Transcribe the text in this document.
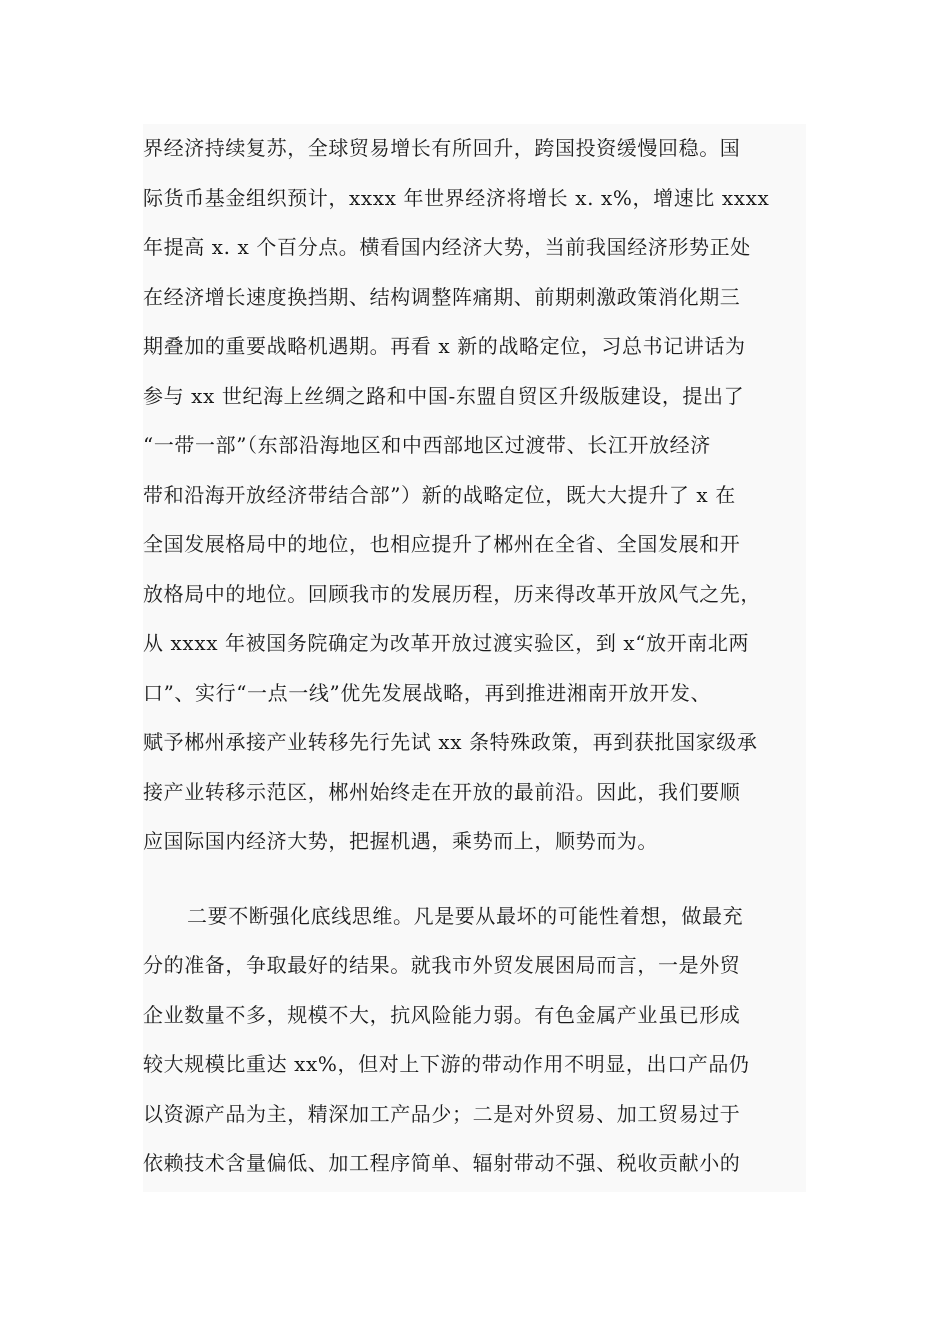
界经济持续复苏，全球贸易增长有所回升，跨国投资缓慢回稳。国
际货币基金组织预计，xxxx 年世界经济将增长 x. x%，增速比 xxxx
年提高 x. x 个百分点。横看国内经济大势，当前我国经济形势正处
在经济增长速度换挡期、结构调整阵痛期、前期刺激政策消化期三
期叠加的重要战略机遇期。再看 x 新的战略定位，习总书记讲话为
参与 xx 世纪海上丝绸之路和中国-东盟自贸区升级版建设，提出了
“一带一部”（东部沿海地区和中西部地区过渡带、长江开放经济
带和沿海开放经济带结合部”）新的战略定位，既大大提升了 x 在
全国发展格局中的地位，也相应提升了郴州在全省、全国发展和开
放格局中的地位。回顾我市的发展历程，历来得改革开放风气之先，
从 xxxx 年被国务院确定为改革开放过渡实验区，到 x“放开南北两
口”、实行“一点一线”优先发展战略，再到推进湘南开放开发、
赋予郴州承接产业转移先行先试 xx 条特殊政策，再到获批国家级承
接产业转移示范区，郴州始终走在开放的最前沿。因此，我们要顺
应国际国内经济大势，把握机遇，乘势而上，顺势而为。
二要不断强化底线思维。凡是要从最坏的可能性着想，做最充
分的准备，争取最好的结果。就我市外贸发展困局而言，一是外贸
企业数量不多，规模不大，抗风险能力弱。有色金属产业虽已形成
较大规模比重达 xx%，但对上下游的带动作用不明显，出口产品仍
以资源产品为主，精深加工产品少；二是对外贸易、加工贸易过于
依赖技术含量偏低、加工程序简单、辐射带动不强、税收贡献小的
